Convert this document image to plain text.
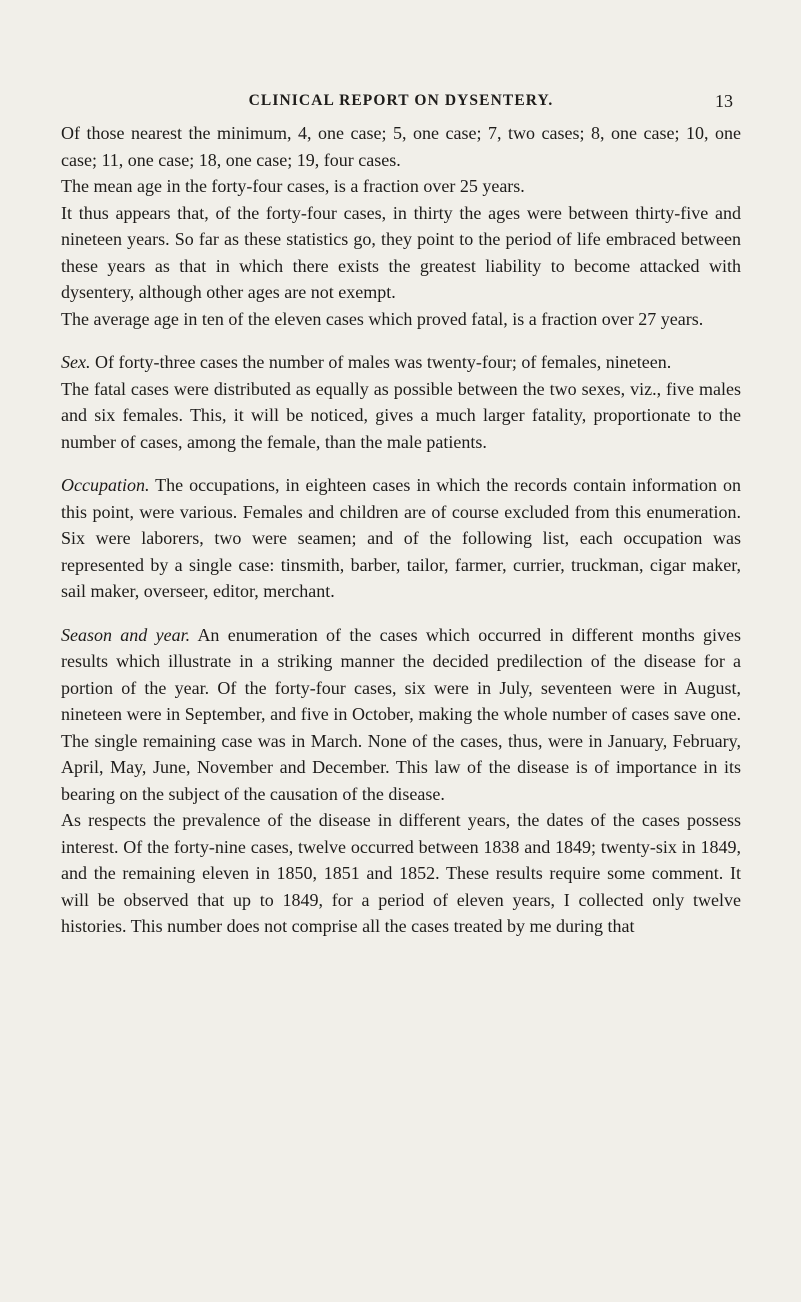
CLINICAL REPORT ON DYSENTERY.	13

Of those nearest the minimum, 4, one case; 5, one case; 7, two cases; 8, one case; 10, one case; 11, one case; 18, one case; 19, four cases.

The mean age in the forty-four cases, is a fraction over 25 years.

It thus appears that, of the forty-four cases, in thirty the ages were between thirty-five and nineteen years. So far as these statistics go, they point to the period of life embraced between these years as that in which there exists the greatest liability to become attacked with dysentery, although other ages are not exempt.

The average age in ten of the eleven cases which proved fatal, is a fraction over 27 years.

Sex. Of forty-three cases the number of males was twenty-four; of females, nineteen.

The fatal cases were distributed as equally as possible between the two sexes, viz., five males and six females. This, it will be noticed, gives a much larger fatality, proportionate to the number of cases, among the female, than the male patients.

Occupation. The occupations, in eighteen cases in which the records contain information on this point, were various. Females and children are of course excluded from this enumeration. Six were laborers, two were seamen; and of the following list, each occupation was represented by a single case: tinsmith, barber, tailor, farmer, currier, truckman, cigar maker, sail maker, overseer, editor, merchant.

Season and year. An enumeration of the cases which occurred in different months gives results which illustrate in a striking manner the decided predilection of the disease for a portion of the year. Of the forty-four cases, six were in July, seventeen were in August, nineteen were in September, and five in October, making the whole number of cases save one. The single remaining case was in March. None of the cases, thus, were in January, February, April, May, June, November and December. This law of the disease is of importance in its bearing on the subject of the causation of the disease.

As respects the prevalence of the disease in different years, the dates of the cases possess interest. Of the forty-nine cases, twelve occurred between 1838 and 1849; twenty-six in 1849, and the remaining eleven in 1850, 1851 and 1852. These results require some comment. It will be observed that up to 1849, for a period of eleven years, I collected only twelve histories. This number does not comprise all the cases treated by me during that
